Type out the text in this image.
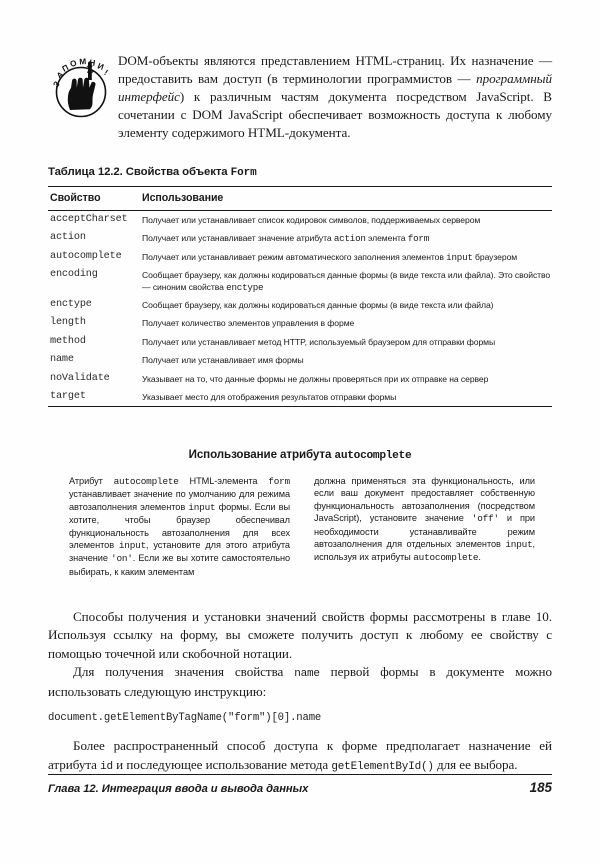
З
А
П
О М Н И
!
DOM-объекты являются представлением HTML-страниц. Их назначение — предоставить вам доступ (в терминологии программистов — программный интерфейс) к различным частям документа посредством JavaScript. В сочетании с DOM JavaScript обеспечивает возможность доступа к любому элементу содержимого HTML-документа.
Таблица 12.2. Свойства объекта Form

Свойство	Использование

acceptCharset	Получает или устанавливает список кодировок символов, поддерживаемых сервером
action	Получает или устанавливает значение атрибута action элемента form
autocomplete	Получает или устанавливает режим автоматического заполнения элементов input браузером
encoding	Сообщает браузеру, как должны кодироваться данные формы (в виде текста или файла). Это свойство — синоним свойства enctype
enctype	Сообщает браузеру, как должны кодироваться данные формы (в виде текста или файла)
length	Получает количество элементов управления в форме
method	Получает или устанавливает метод HTTP, используемый браузером для отправки формы
name	Получает или устанавливает имя формы
noValidate	Указывает на то, что данные формы не должны проверяться при их отправке на сервер
target	Указывает место для отображения результатов отправки формы

Использование атрибута autocomplete
Атрибут autocomplete HTML-элемента form устанавливает значение по умолчанию для режима автозаполнения элементов input формы. Если вы хотите, чтобы браузер обеспечивал функциональность автозаполнения для всех элементов input, установите для этого атрибута значение 'on'. Если же вы хотите самостоятельно выбирать, к каким элементам
должна применяться эта функциональность, или если ваш документ предоставляет собственную функциональность автозаполнения (посредством JavaScript), установите значение 'off' и при необходимости устанавливайте режим автозаполнения для отдельных элементов input, используя их атрибуты autocomplete.

Способы получения и установки значений свойств формы рассмотрены в главе 10. Используя ссылку на форму, вы сможете получить доступ к любому ее свойству с помощью точечной или скобочной нотации.

Для получения значения свойства name первой формы в документе можно использовать следующую инструкцию:

document.getElementByTagName("form")[0].name

Более распространенный способ доступа к форме предполагает назначение ей атрибута id и последующее использование метода getElementById() для ее выбора.

Глава 12. Интеграция ввода и вывода данных	185
